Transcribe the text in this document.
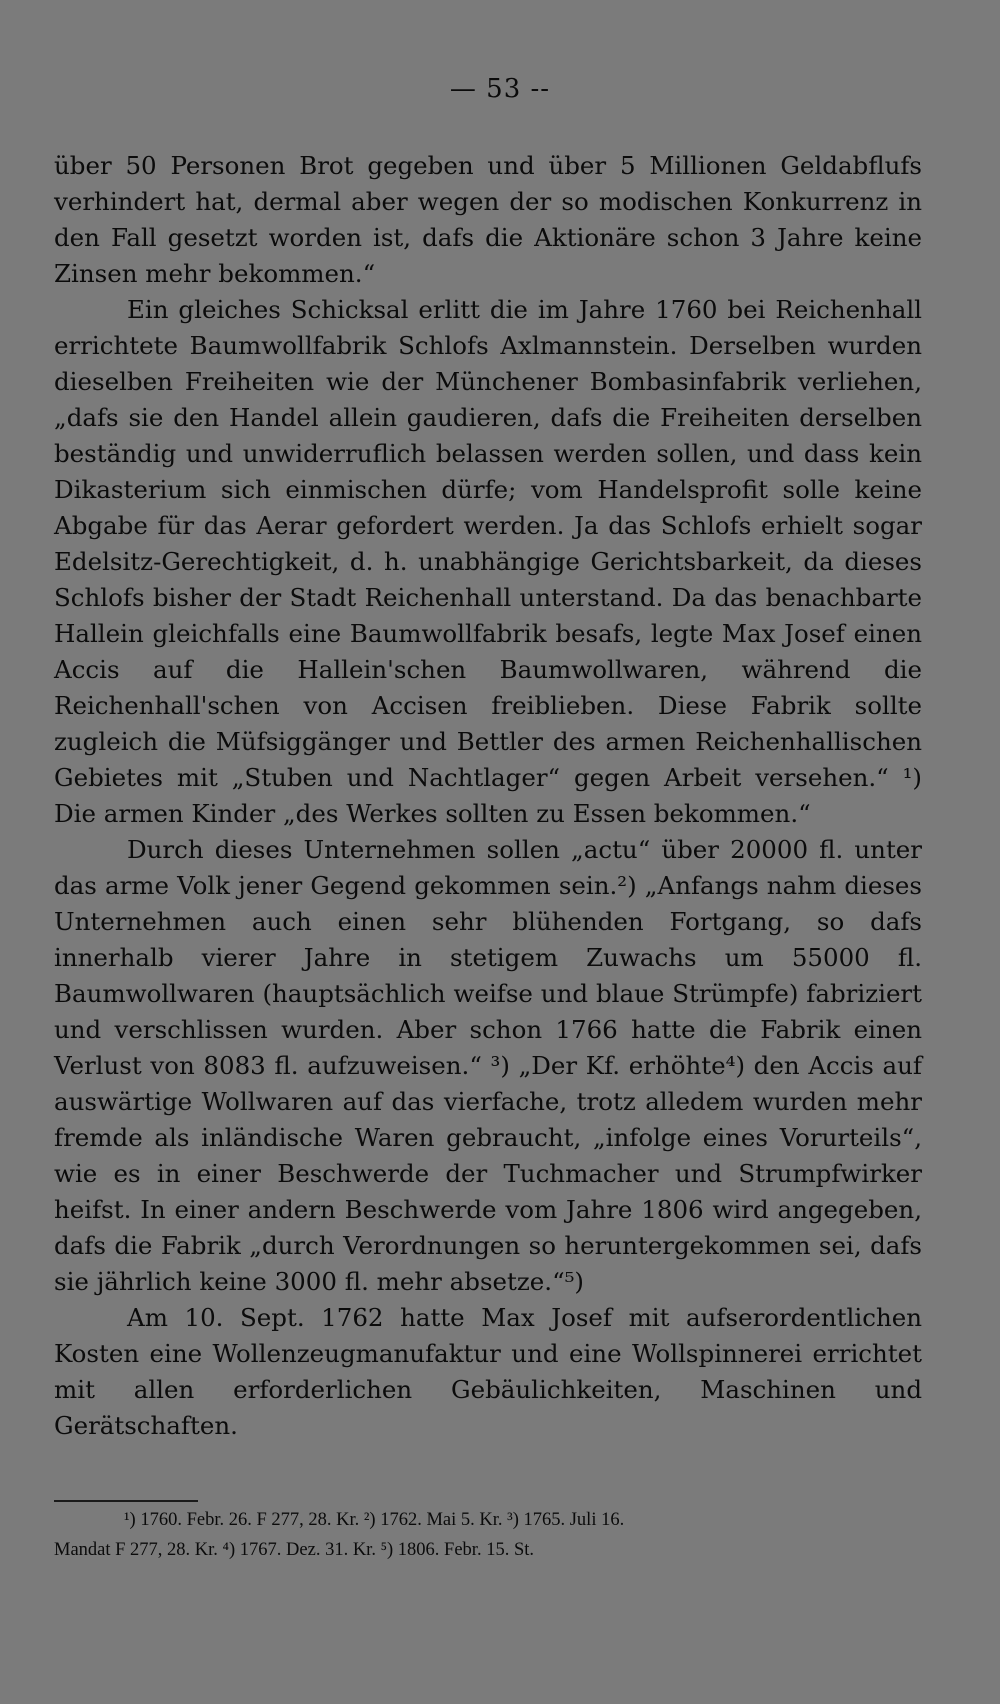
— 53 --

über 50 Personen Brot gegeben und über 5 Millionen Geldabflufs verhindert hat, dermal aber wegen der so modischen Konkurrenz in den Fall gesetzt worden ist, dafs die Aktionäre schon 3 Jahre keine Zinsen mehr bekommen.“

Ein gleiches Schicksal erlitt die im Jahre 1760 bei Reichenhall errichtete Baumwollfabrik Schlofs Axlmannstein. Derselben wurden dieselben Freiheiten wie der Münchener Bombasinfabrik verliehen, „dafs sie den Handel allein gaudieren, dafs die Freiheiten derselben beständig und unwiderruflich belassen werden sollen, und dass kein Dikasterium sich einmischen dürfe; vom Handelsprofit solle keine Abgabe für das Aerar gefordert werden. Ja das Schlofs erhielt sogar Edelsitz-Gerechtigkeit, d. h. unabhängige Gerichtsbarkeit, da dieses Schlofs bisher der Stadt Reichenhall unterstand. Da das benachbarte Hallein gleichfalls eine Baumwollfabrik besafs, legte Max Josef einen Accis auf die Hallein'schen Baumwollwaren, während die Reichenhall'schen von Accisen freiblieben. Diese Fabrik sollte zugleich die Müfsiggänger und Bettler des armen Reichenhallischen Gebietes mit „Stuben und Nachtlager“ gegen Arbeit versehen.“ ¹) Die armen Kinder „des Werkes sollten zu Essen bekommen.“

Durch dieses Unternehmen sollen „actu“ über 20000 fl. unter das arme Volk jener Gegend gekommen sein.²) „Anfangs nahm dieses Unternehmen auch einen sehr blühenden Fortgang, so dafs innerhalb vierer Jahre in stetigem Zuwachs um 55000 fl. Baumwollwaren (hauptsächlich weifse und blaue Strümpfe) fabriziert und verschlissen wurden. Aber schon 1766 hatte die Fabrik einen Verlust von 8083 fl. aufzuweisen.“ ³) „Der Kf. erhöhte⁴) den Accis auf auswärtige Wollwaren auf das vierfache, trotz alledem wurden mehr fremde als inländische Waren gebraucht, „infolge eines Vorurteils“, wie es in einer Beschwerde der Tuchmacher und Strumpfwirker heifst. In einer andern Beschwerde vom Jahre 1806 wird angegeben, dafs die Fabrik „durch Verordnungen so heruntergekommen sei, dafs sie jährlich keine 3000 fl. mehr absetze.“⁵)

Am 10. Sept. 1762 hatte Max Josef mit aufserordentlichen Kosten eine Wollenzeugmanufaktur und eine Wollspinnerei errichtet mit allen erforderlichen Gebäulichkeiten, Maschinen und Gerätschaften.

¹) 1760. Febr. 26. F 277, 28. Kr. ²) 1762. Mai 5. Kr. ³) 1765. Juli 16.

Mandat F 277, 28. Kr. ⁴) 1767. Dez. 31. Kr. ⁵) 1806. Febr. 15. St.
